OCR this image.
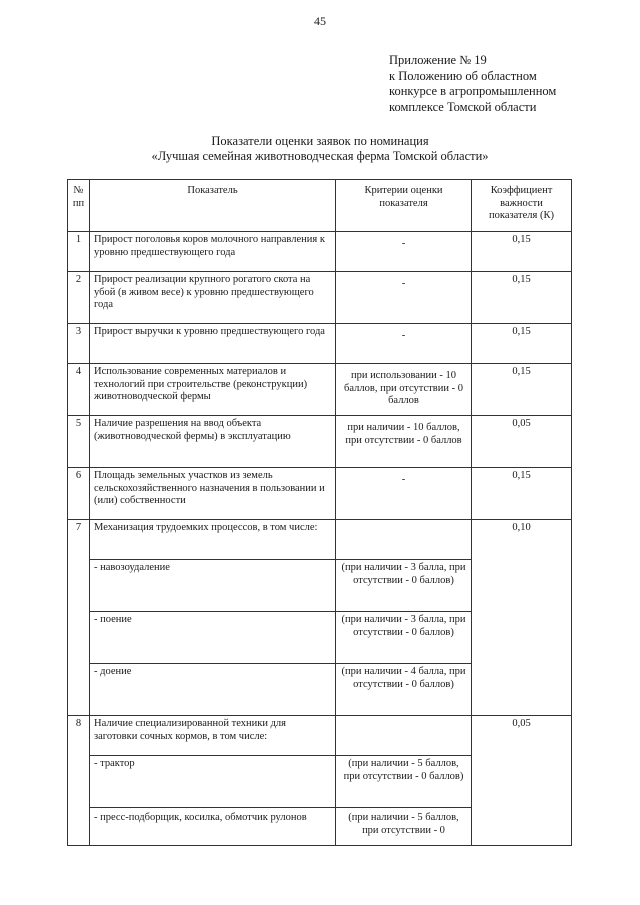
45
Приложение № 19
к Положению об областном
конкурсе в агропромышленном
комплексе Томской области
Показатели оценки заявок по номинация
«Лучшая семейная животноводческая ферма Томской области»
№ пп	Показатель	Критерии оценки показателя	Коэффициент важности показателя (К)
1	Прирост поголовья коров молочного направления к уровню предшествующего года	-	0,15
2	Прирост реализации крупного рогатого скота на убой (в живом весе) к уровню предшествующего года	-	0,15
3	Прирост выручки к уровню предшествующего года	-	0,15
4	Использование современных материалов и технологий при строительстве (реконструкции) животноводческой фермы	при использовании - 10 баллов, при отсутствии - 0 баллов	0,15
5	Наличие разрешения на ввод объекта (животноводческой фермы) в эксплуатацию	при наличии - 10 баллов, при отсутствии - 0 баллов	0,05
6	Площадь земельных участков из земель сельскохозяйственного назначения в пользовании и (или) собственности	-	0,15
7	Механизация трудоемких процессов, в том числе:		0,10
	- навозоудаление	(при наличии - 3 балла, при отсутствии - 0 баллов)	
	- поение	(при наличии - 3 балла, при отсутствии - 0 баллов)	
	- доение	(при наличии - 4 балла, при отсутствии - 0 баллов)	
8	Наличие специализированной техники для заготовки сочных кормов, в том числе:		0,05
	- трактор	(при наличии - 5 баллов, при отсутствии - 0 баллов)	
	- пресс-подборщик, косилка, обмотчик рулонов	(при наличии - 5 баллов, при отсутствии - 0	
